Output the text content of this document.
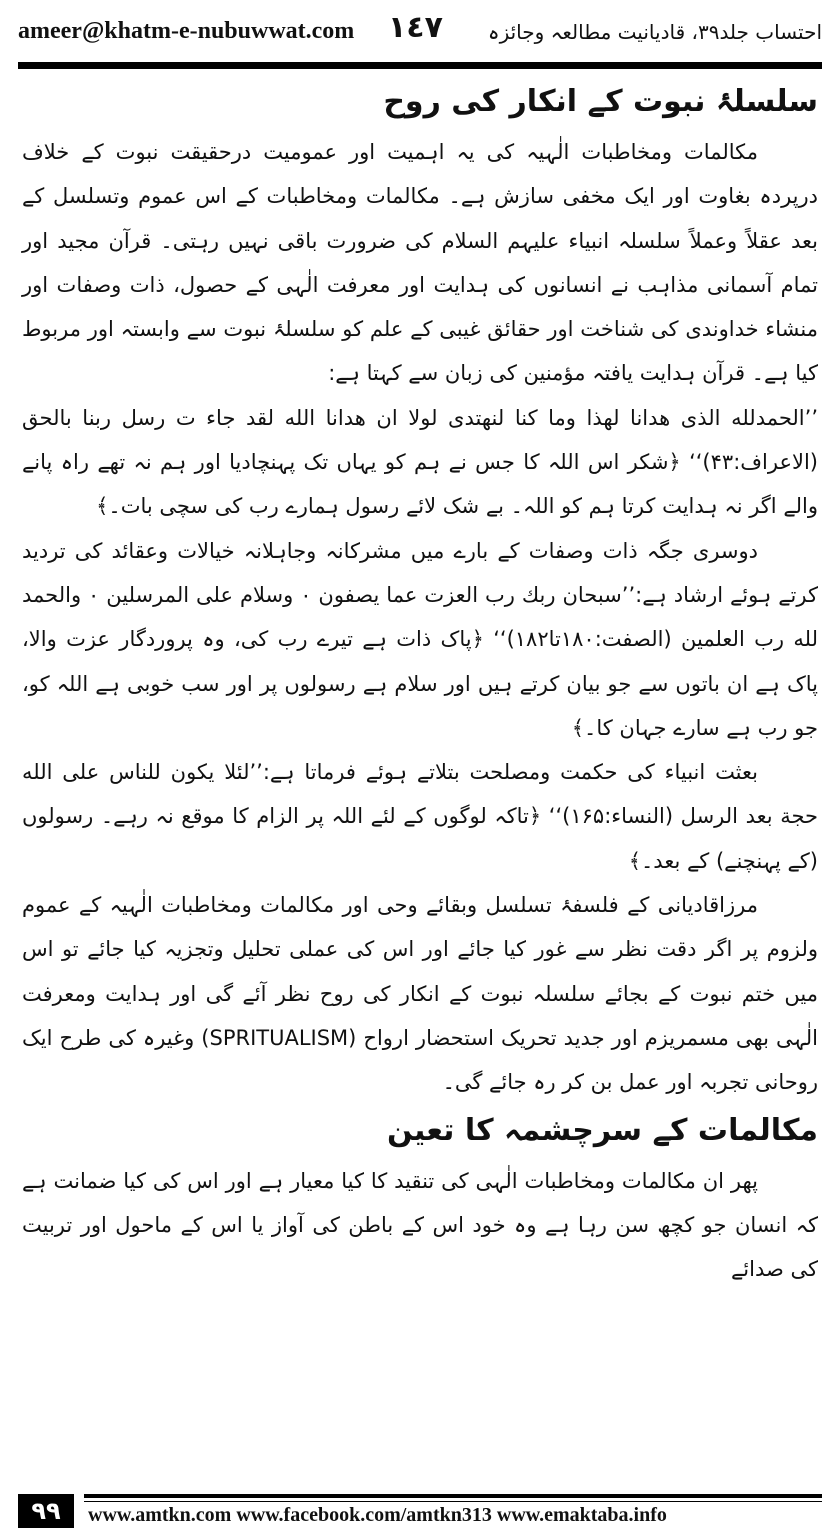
ameer@khatm-e-nubuwwat.com ١٤٧ احتساب جلد۳۹، قادیانیت مطالعہ وجائزہ
سلسلۂ نبوت کے انکار کی روح

مکالمات ومخاطبات الٰہیہ کی یہ اہمیت اور عمومیت درحقیقت نبوت کے خلاف درپردہ بغاوت اور ایک مخفی سازش ہے۔ مکالمات ومخاطبات کے اس عموم وتسلسل کے بعد عقلاً وعملاً سلسلہ انبیاء علیہم السلام کی ضرورت باقی نہیں رہتی۔ قرآن مجید اور تمام آسمانی مذاہب نے انسانوں کی ہدایت اور معرفت الٰہی کے حصول، ذات وصفات اور منشاء خداوندی کی شناخت اور حقائق غیبی کے علم کو سلسلۂ نبوت سے وابستہ اور مربوط کیا ہے۔ قرآن ہدایت یافتہ مؤمنین کی زبان سے کہتا ہے:

’’الحمدلله الذی هدانا لهذا وما کنا لنهتدی لولا ان هدانا الله لقد جاء ت رسل ربنا بالحق (الاعراف:۴۳)‘‘ ﴿شکر اس اللہ کا جس نے ہم کو یہاں تک پہنچادیا اور ہم نہ تھے راہ پانے والے اگر نہ ہدایت کرتا ہم کو اللہ۔ بے شک لائے رسول ہمارے رب کی سچی بات۔﴾

دوسری جگہ ذات وصفات کے بارے میں مشرکانہ وجاہلانہ خیالات وعقائد کی تردید کرتے ہوئے ارشاد ہے:’’سبحان ربك رب العزت عما یصفون ۰ وسلام علی المرسلین ۰ والحمد لله رب العلمین (الصفت:۱۸۰تا۱۸۲)‘‘ ﴿پاک ذات ہے تیرے رب کی، وہ پروردگار عزت والا، پاک ہے ان باتوں سے جو بیان کرتے ہیں اور سلام ہے رسولوں پر اور سب خوبی ہے اللہ کو، جو رب ہے سارے جہان کا۔﴾

بعثت انبیاء کی حکمت ومصلحت بتلاتے ہوئے فرماتا ہے:’’لئلا یکون للناس علی الله حجة بعد الرسل (النساء:۱۶۵)‘‘ ﴿تاکہ لوگوں کے لئے اللہ پر الزام کا موقع نہ رہے۔ رسولوں (کے پہنچنے) کے بعد۔﴾

مرزاقادیانی کے فلسفۂ تسلسل وبقائے وحی اور مکالمات ومخاطبات الٰہیہ کے عموم ولزوم پر اگر دقت نظر سے غور کیا جائے اور اس کی عملی تحلیل وتجزیہ کیا جائے تو اس میں ختم نبوت کے بجائے سلسلہ نبوت کے انکار کی روح نظر آئے گی اور ہدایت ومعرفت الٰہی بھی مسمریزم اور جدید تحریک استحضار ارواح (SPRITUALISM) وغیرہ کی طرح ایک روحانی تجربہ اور عمل بن کر رہ جائے گی۔

مکالمات کے سرچشمہ کا تعین

پھر ان مکالمات ومخاطبات الٰہی کی تنقید کا کیا معیار ہے اور اس کی کیا ضمانت ہے کہ انسان جو کچھ سن رہا ہے وہ خود اس کے باطن کی آواز یا اس کے ماحول اور تربیت کی صدائے

۹۹	www.amtkn.com www.facebook.com/amtkn313 www.emaktaba.info
